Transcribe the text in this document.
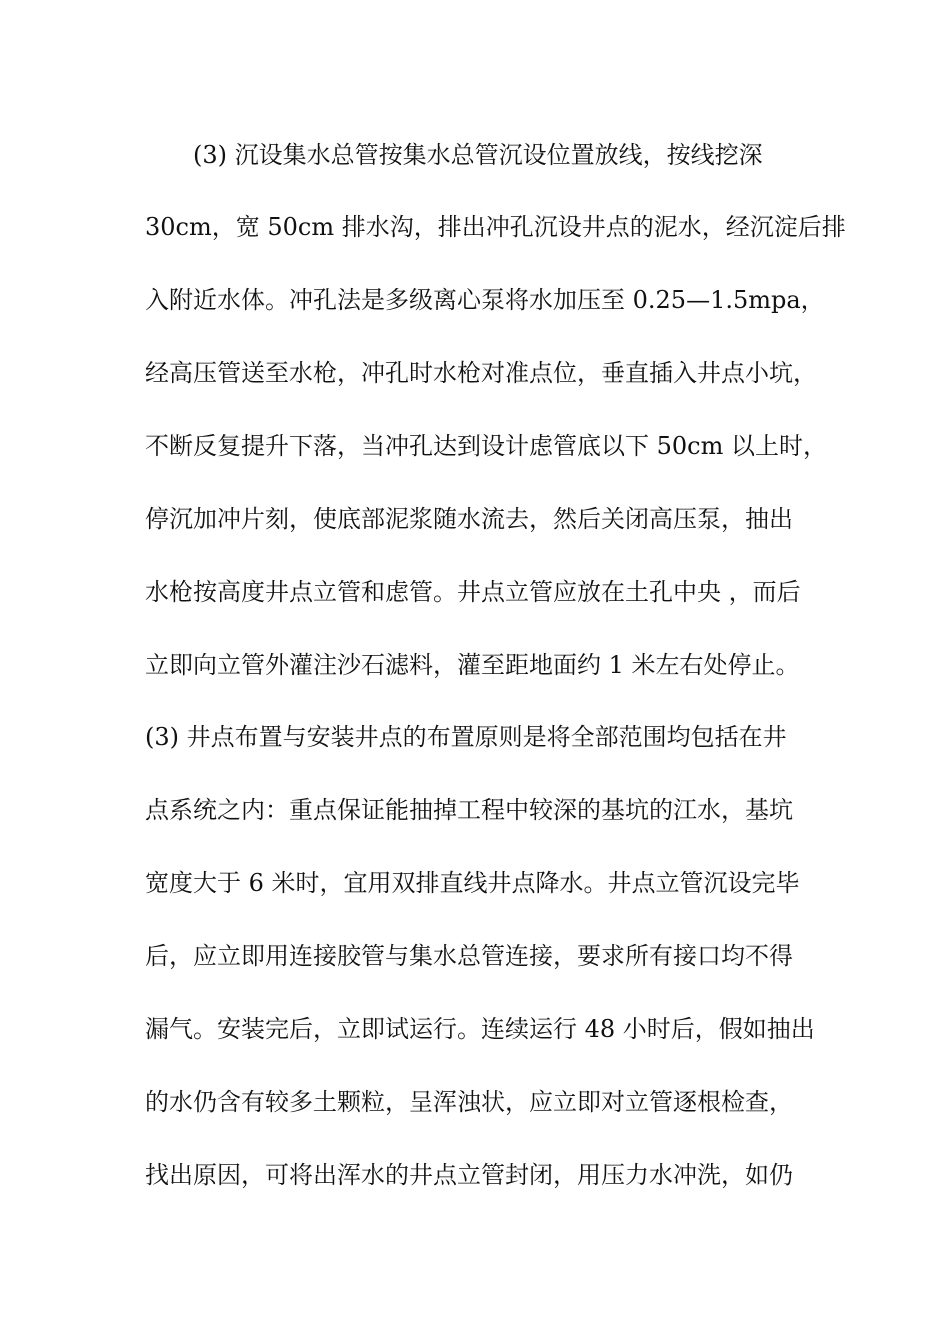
(3) 沉设集水总管按集水总管沉设位置放线，按线挖深
30cm，宽 50cm 排水沟，排出冲孔沉设井点的泥水，经沉淀后排
入附近水体。冲孔法是多级离心泵将水加压至 0.25—1.5mpa，
经高压管送至水枪，冲孔时水枪对准点位，垂直插入井点小坑，
不断反复提升下落，当冲孔达到设计虑管底以下 50cm 以上时，
停沉加冲片刻，使底部泥浆随水流去，然后关闭高压泵，抽出
水枪按高度井点立管和虑管。井点立管应放在土孔中央 ，而后
立即向立管外灌注沙石滤料，灌至距地面约 1 米左右处停止。
(3) 井点布置与安装井点的布置原则是将全部范围均包括在井
点系统之内：重点保证能抽掉工程中较深的基坑的江水，基坑
宽度大于 6 米时，宜用双排直线井点降水。井点立管沉设完毕
后，应立即用连接胶管与集水总管连接，要求所有接口均不得
漏气。安装完后，立即试运行。连续运行 48 小时后，假如抽出
的水仍含有较多土颗粒，呈浑浊状，应立即对立管逐根检查，
找出原因，可将出浑水的井点立管封闭，用压力水冲洗，如仍
